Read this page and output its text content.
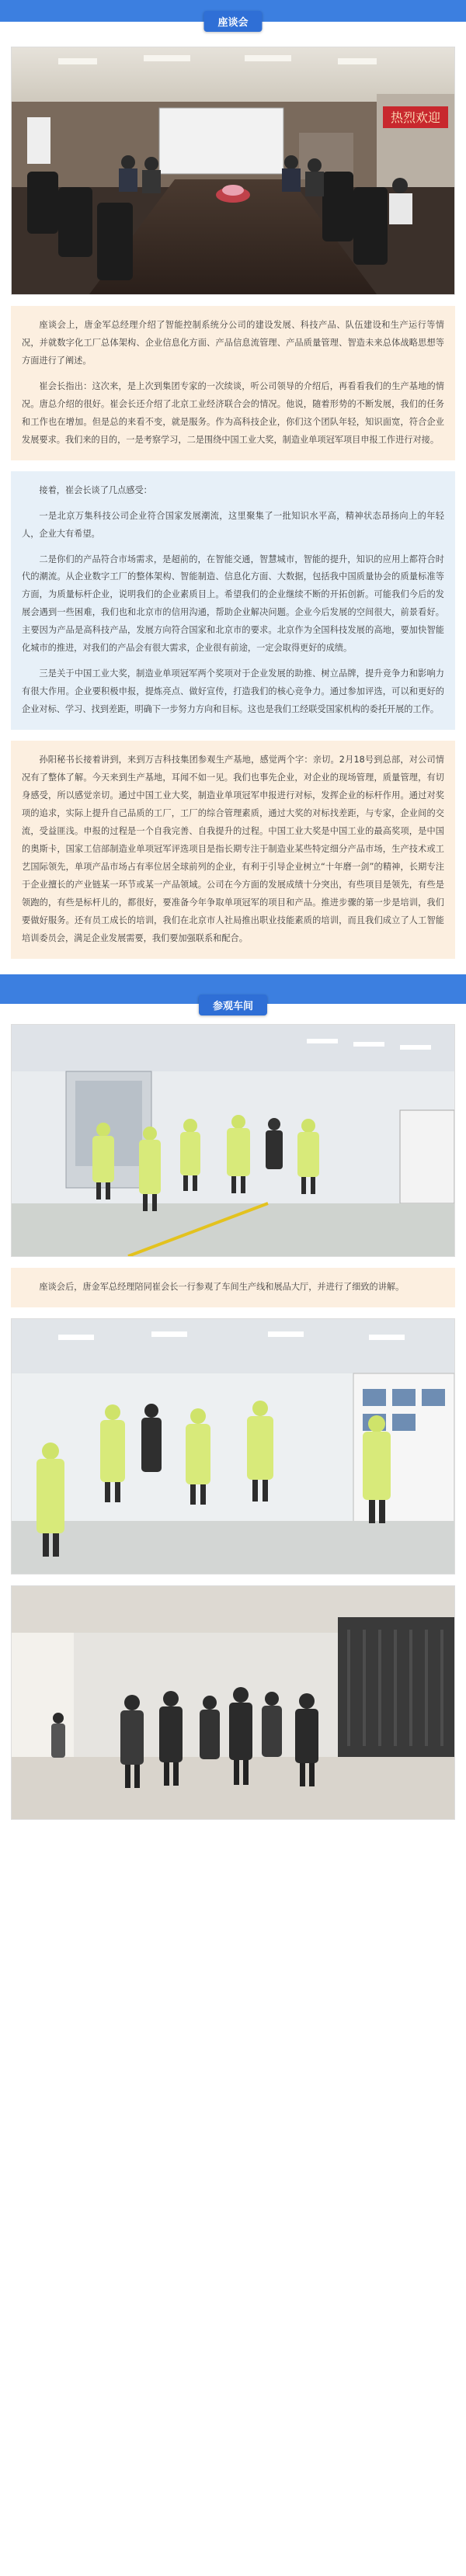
座谈会
热烈欢迎

座谈会上，唐金军总经理介绍了智能控制系统分公司的建设发展、科技产品、队伍建设和生产运行等情况，并就数字化工厂总体架构、企业信息化方面、产品信息流管理、产品质量管理、智造未来总体战略思想等方面进行了阐述。

崔会长指出：这次来，是上次到集团专家的一次续谈，听公司领导的介绍后，再看看我们的生产基地的情况。唐总介绍的很好。崔会长还介绍了北京工业经济联合会的情况。他说，随着形势的不断发展，我们的任务和工作也在增加。但是总的来看不变，就是服务。作为高科技企业，你们这个团队年轻，知识面宽，符合企业发展要求。我们来的目的，一是考察学习，二是围绕中国工业大奖，制造业单项冠军项目申报工作进行对接。

接着，崔会长谈了几点感受：

一是北京万集科技公司企业符合国家发展潮流，这里聚集了一批知识水平高，精神状态昂扬向上的年轻人，企业大有希望。

二是你们的产品符合市场需求，是超前的，在智能交通，智慧城市，智能的提升，知识的应用上都符合时代的潮流。从企业数字工厂的整体架构、智能制造、信息化方面、大数据，包括我中国质量协会的质量标准等方面，为质量标杆企业，说明我们的企业素质目上。希望我们的企业继续不断的开拓创新。可能我们今后的发展会遇到一些困难，我们也和北京市的信用沟通，帮助企业解决问题。企业今后发展的空间很大，前景看好。主要因为产品是高科技产品，发展方向符合国家和北京市的要求。北京作为全国科技发展的高地，要加快智能化城市的推进，对我们的产品会有很大需求，企业很有前途，一定会取得更好的成绩。

三是关于中国工业大奖，制造业单项冠军两个奖项对于企业发展的助推、树立品牌，提升竞争力和影响力有很大作用。企业要积极申报，提炼亮点、做好宣传，打造我们的核心竞争力。通过参加评选，可以和更好的企业对标、学习、找到差距，明确下一步努力方向和目标。这也是我们工经联受国家机构的委托开展的工作。

孙阳秘书长接着讲到，来到万吉科技集团参观生产基地，感觉两个字：亲切。2月18号到总部，对公司情况有了整体了解。今天来到生产基地，耳闻不如一见。我们也事先企业，对企业的现场管理，质量管理，有切身感受，所以感觉亲切。通过中国工业大奖，制造业单项冠军申报进行对标，发挥企业的标杆作用。通过对奖项的追求，实际上提升自己品质的工厂，工厂的综合管理素质，通过大奖的对标找差距，与专家，企业间的交流，受益匪浅。申报的过程是一个自我完善、自我提升的过程。中国工业大奖是中国工业的最高奖项，是中国的奥斯卡，国家工信部制造业单项冠军评选项目是指长期专注于制造业某些特定细分产品市场，生产技术或工艺国际领先，单项产品市场占有率位居全球前列的企业，有利于引导企业树立“十年磨一剑”的精神，长期专注于企业擅长的产业链某一环节或某一产品领域。公司在今方面的发展成绩十分突出，有些项目是领先，有些是领跑的，有些是标杆儿的，都很好，要准备今年争取单项冠军的项目和产品。推进步骤的第一步是培训，我们要做好服务。还有员工成长的培训，我们在北京市人社局推出职业技能素质的培训，而且我们成立了人工智能培训委员会，满足企业发展需要，我们要加强联系和配合。

参观车间

座谈会后，唐金军总经理陪同崔会长一行参观了车间生产线和展品大厅，并进行了细致的讲解。
